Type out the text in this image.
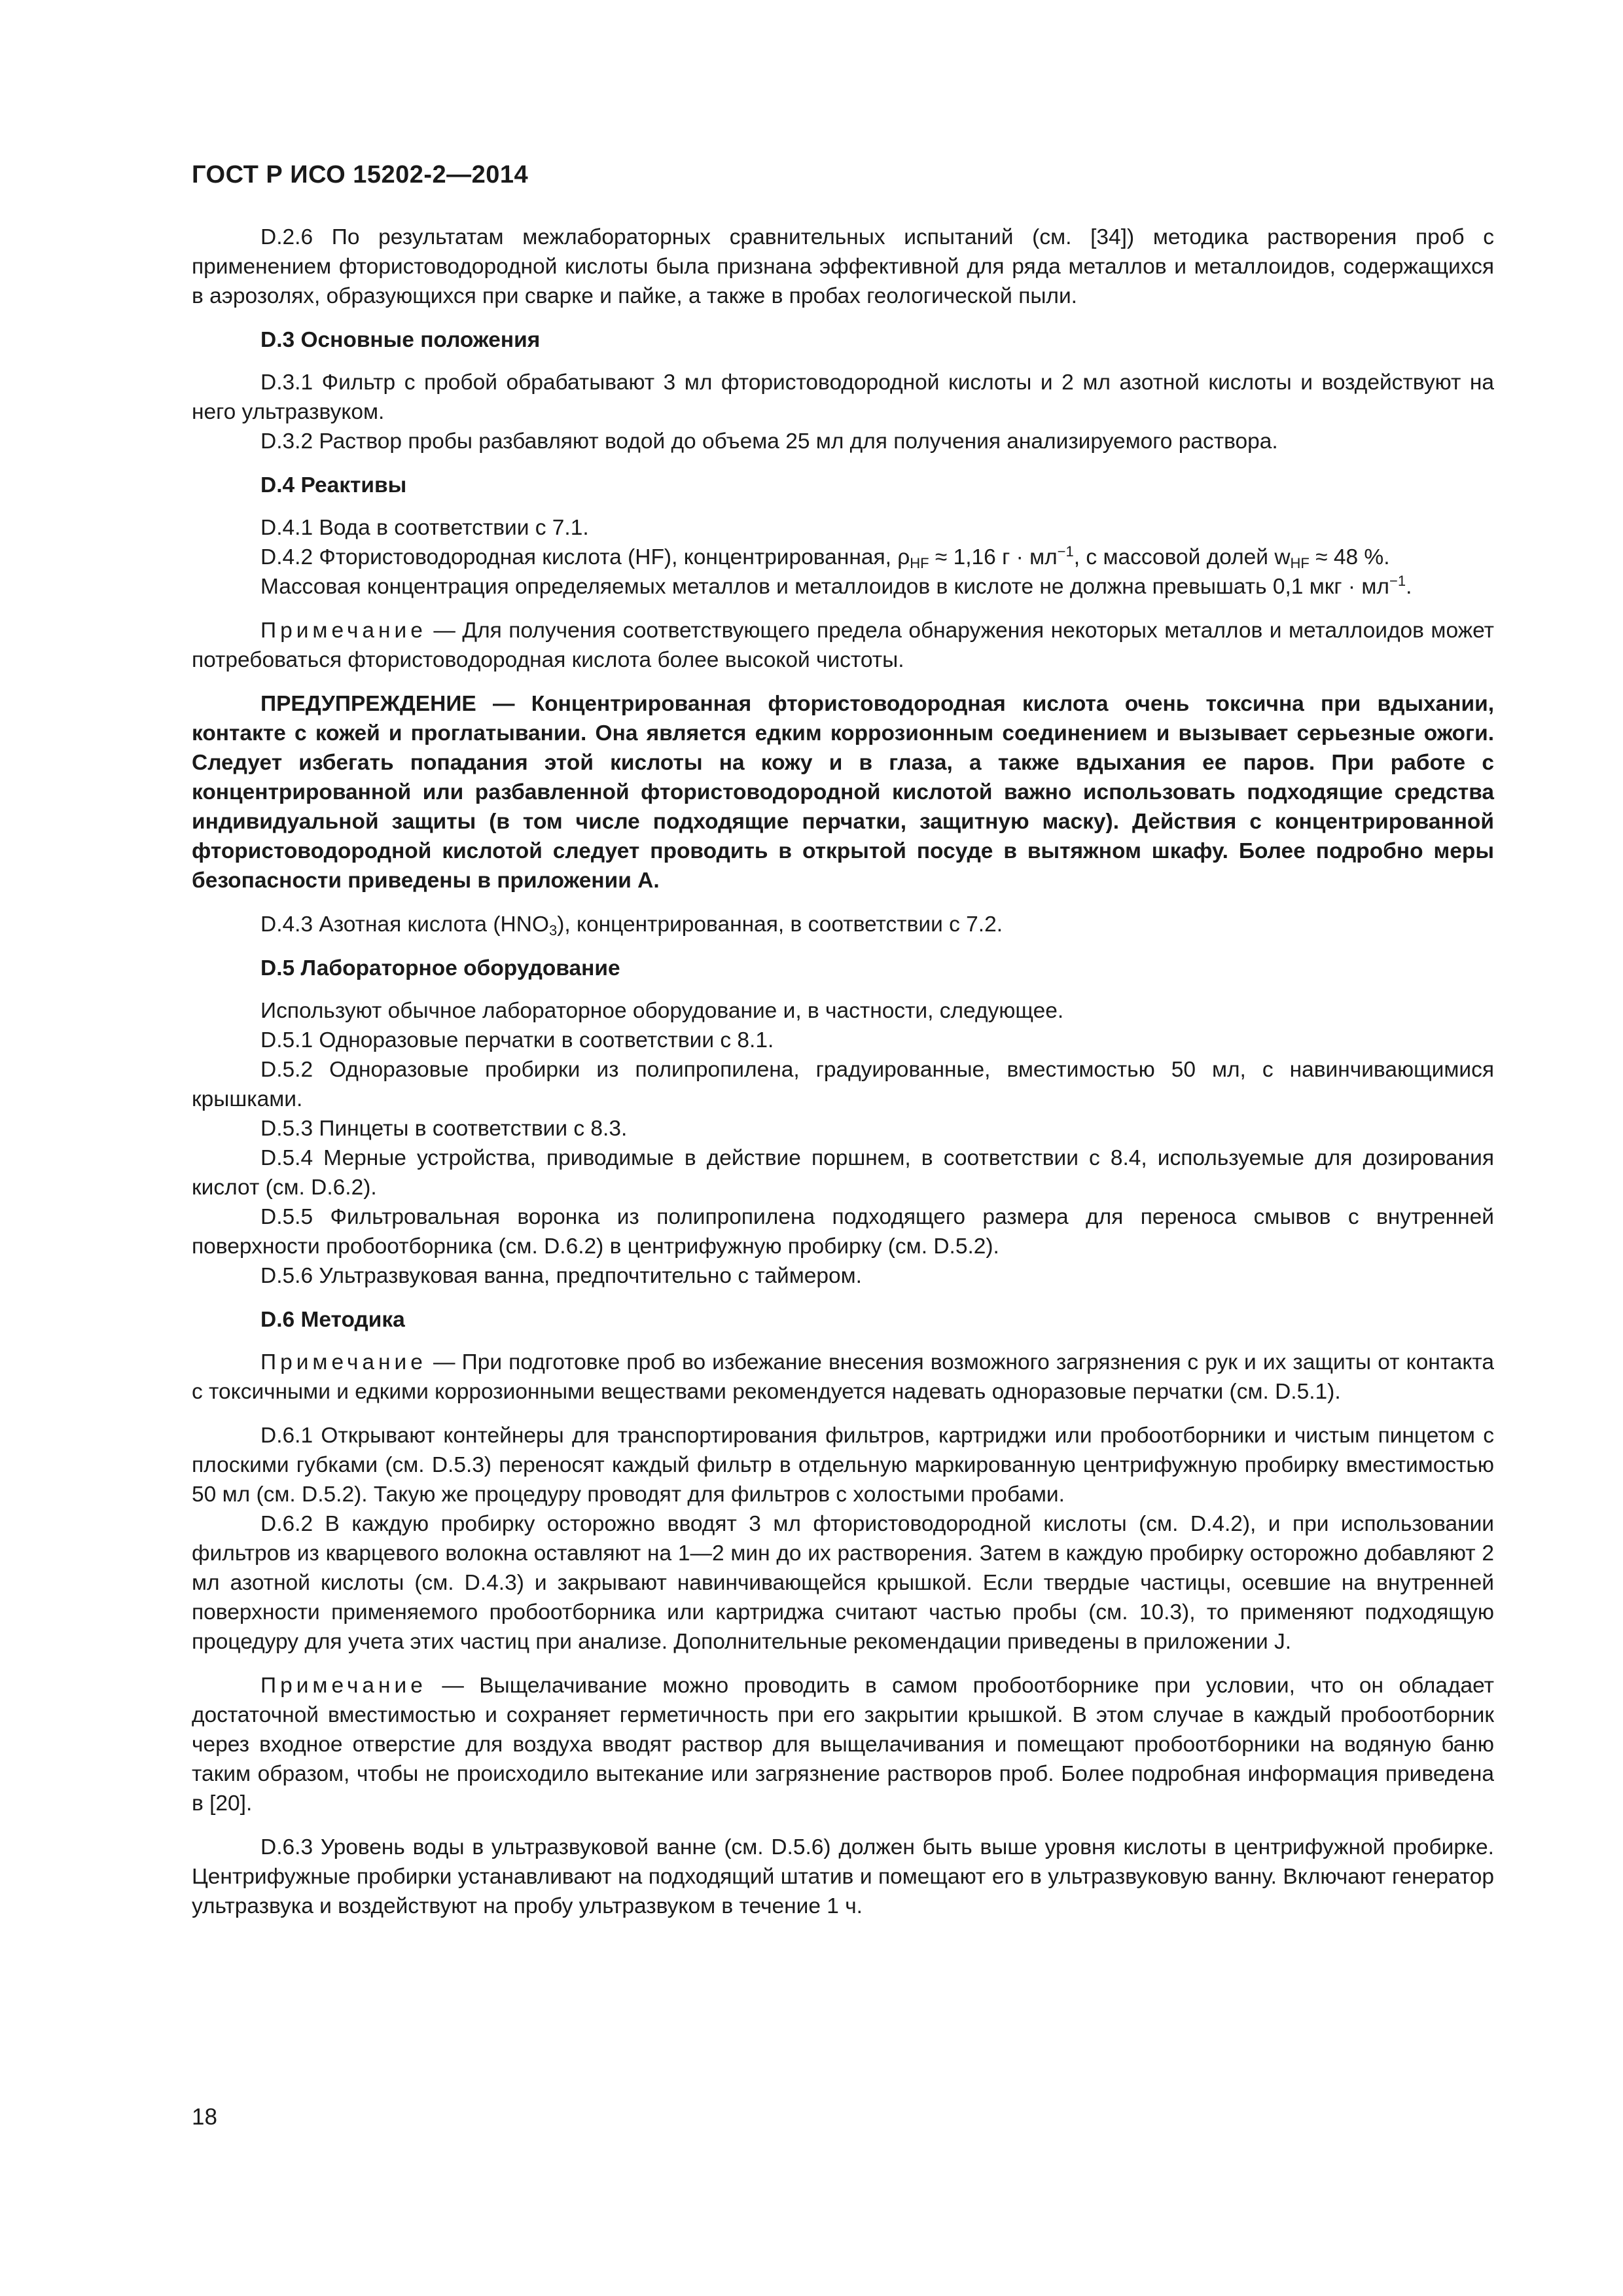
ГОСТ Р ИСО 15202-2—2014

D.2.6 По результатам межлабораторных сравнительных испытаний (см. [34]) методика растворения проб с применением фтористоводородной кислоты была признана эффективной для ряда металлов и металлоидов, содержащихся в аэрозолях, образующихся при сварке и пайке, а также в пробах геологической пыли.

D.3 Основные положения

D.3.1 Фильтр с пробой обрабатывают 3 мл фтористоводородной кислоты и 2 мл азотной кислоты и воздействуют на него ультразвуком.

D.3.2 Раствор пробы разбавляют водой до объема 25 мл для получения анализируемого раствора.

D.4 Реактивы

D.4.1 Вода в соответствии с 7.1.

D.4.2 Фтористоводородная кислота (HF), концентрированная, $\rho_{HF} \approx 1,16$ $г \cdot мл^{-1}$, с массовой долей $w_{HF} \approx 48$ %.

Массовая концентрация определяемых металлов и металлоидов в кислоте не должна превышать 0,1 мкг · $мл^{-1}$.

Примечание — Для получения соответствующего предела обнаружения некоторых металлов и металлоидов может потребоваться фтористоводородная кислота более высокой чистоты.

ПРЕДУПРЕЖДЕНИЕ — Концентрированная фтористоводородная кислота очень токсична при вдыхании, контакте с кожей и проглатывании. Она является едким коррозионным соединением и вызывает серьезные ожоги. Следует избегать попадания этой кислоты на кожу и в глаза, а также вдыхания ее паров. При работе с концентрированной или разбавленной фтористоводородной кислотой важно использовать подходящие средства индивидуальной защиты (в том числе подходящие перчатки, защитную маску). Действия с концентрированной фтористоводородной кислотой следует проводить в открытой посуде в вытяжном шкафу. Более подробно меры безопасности приведены в приложении А.

D.4.3 Азотная кислота $(HNO_3)$, концентрированная, в соответствии с 7.2.

D.5 Лабораторное оборудование

Используют обычное лабораторное оборудование и, в частности, следующее.

D.5.1 Одноразовые перчатки в соответствии с 8.1.

D.5.2 Одноразовые пробирки из полипропилена, градуированные, вместимостью 50 мл, с навинчивающимися крышками.

D.5.3 Пинцеты в соответствии с 8.3.

D.5.4 Мерные устройства, приводимые в действие поршнем, в соответствии с 8.4, используемые для дозирования кислот (см. D.6.2).

D.5.5 Фильтровальная воронка из полипропилена подходящего размера для переноса смывов с внутренней поверхности пробоотборника (см. D.6.2) в центрифужную пробирку (см. D.5.2).

D.5.6 Ультразвуковая ванна, предпочтительно с таймером.

D.6 Методика

Примечание — При подготовке проб во избежание внесения возможного загрязнения с рук и их защиты от контакта с токсичными и едкими коррозионными веществами рекомендуется надевать одноразовые перчатки (см. D.5.1).

D.6.1 Открывают контейнеры для транспортирования фильтров, картриджи или пробоотборники и чистым пинцетом с плоскими губками (см. D.5.3) переносят каждый фильтр в отдельную маркированную центрифужную пробирку вместимостью 50 мл (см. D.5.2). Такую же процедуру проводят для фильтров с холостыми пробами.

D.6.2 В каждую пробирку осторожно вводят 3 мл фтористоводородной кислоты (см. D.4.2), и при использовании фильтров из кварцевого волокна оставляют на 1—2 мин до их растворения. Затем в каждую пробирку осторожно добавляют 2 мл азотной кислоты (см. D.4.3) и закрывают навинчивающейся крышкой. Если твердые частицы, осевшие на внутренней поверхности применяемого пробоотборника или картриджа считают частью пробы (см. 10.3), то применяют подходящую процедуру для учета этих частиц при анализе. Дополнительные рекомендации приведены в приложении J.

Примечание — Выщелачивание можно проводить в самом пробоотборнике при условии, что он обладает достаточной вместимостью и сохраняет герметичность при его закрытии крышкой. В этом случае в каждый пробоотборник через входное отверстие для воздуха вводят раствор для выщелачивания и помещают пробоотборники на водяную баню таким образом, чтобы не происходило вытекание или загрязнение растворов проб. Более подробная информация приведена в [20].

D.6.3 Уровень воды в ультразвуковой ванне (см. D.5.6) должен быть выше уровня кислоты в центрифужной пробирке. Центрифужные пробирки устанавливают на подходящий штатив и помещают его в ультразвуковую ванну. Включают генератор ультразвука и воздействуют на пробу ультразвуком в течение 1 ч.

18
